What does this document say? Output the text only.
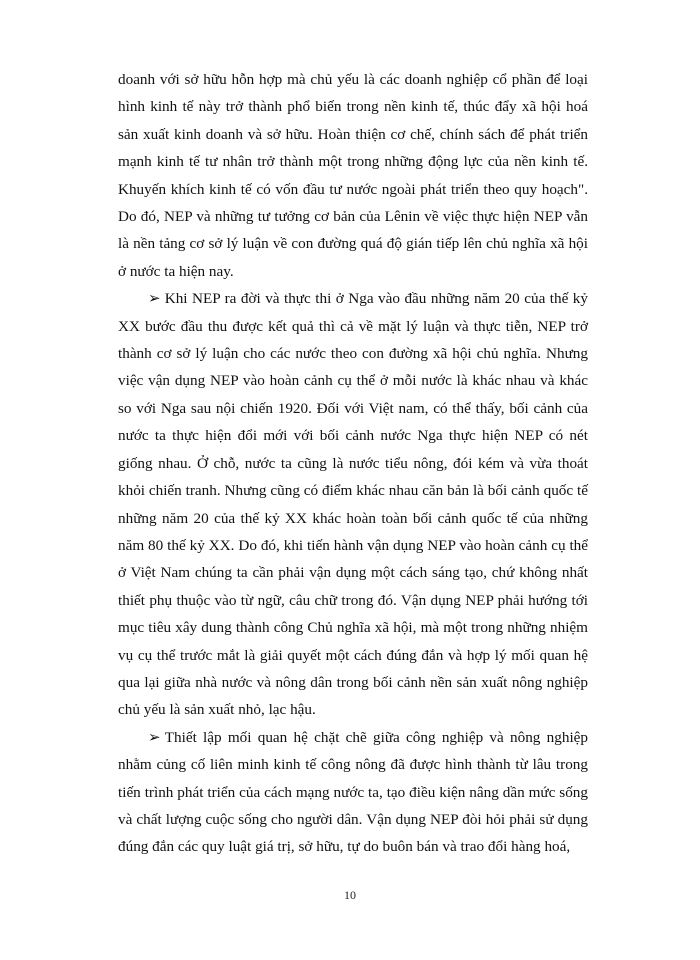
doanh với sở hữu hỗn hợp mà chủ yếu là các doanh nghiệp cổ phần để loại hình kinh tế này trở thành phổ biến trong nền kinh tế, thúc đẩy xã hội hoá sản xuất kinh doanh và sở hữu. Hoàn thiện cơ chế, chính sách để phát triển mạnh kinh tế tư nhân trở thành một trong những động lực của nền kinh tế. Khuyến khích kinh tế có vốn đầu tư nước ngoài phát triển theo quy hoạch". Do đó, NEP và những tư tưởng cơ bản của Lênin về việc thực hiện NEP vẫn là nền tảng cơ sở lý luận về con đường quá độ gián tiếp lên chủ nghĩa xã hội ở nước ta hiện nay.

➢ Khi NEP ra đời và thực thi ở Nga vào đầu những năm 20 của thế kỷ XX bước đầu thu được kết quả thì cả về mặt lý luận và thực tiễn, NEP trở thành cơ sở lý luận cho các nước theo con đường xã hội chủ nghĩa. Nhưng việc vận dụng NEP vào hoàn cảnh cụ thể ở mỗi nước là khác nhau và khác so với Nga sau nội chiến 1920. Đối với Việt nam, có thể thấy, bối cảnh của nước ta thực hiện đổi mới với bối cảnh nước Nga thực hiện NEP có nét giống nhau. Ở chỗ, nước ta cũng là nước tiểu nông, đói kém và vừa thoát khỏi chiến tranh. Nhưng cũng có điểm khác nhau căn bản là bối cảnh quốc tế những năm 20 của thế kỷ XX khác hoàn toàn bối cảnh quốc tế của những năm 80 thế kỷ XX. Do đó, khi tiến hành vận dụng NEP vào hoàn cảnh cụ thể ở Việt Nam chúng ta cần phải vận dụng một cách sáng tạo, chứ không nhất thiết phụ thuộc vào từ ngữ, câu chữ trong đó. Vận dụng NEP phải hướng tới mục tiêu xây dung thành công Chủ nghĩa xã hội, mà một trong những nhiệm vụ cụ thể trước mắt là giải quyết một cách đúng đắn và hợp lý mối quan hệ qua lại giữa nhà nước và nông dân trong bối cảnh nền sản xuất nông nghiệp chủ yếu là sản xuất nhỏ, lạc hậu.

➢ Thiết lập mối quan hệ chặt chẽ giữa công nghiệp và nông nghiệp nhằm củng cố liên minh kinh tế công nông đã được hình thành từ lâu trong tiến trình phát triển của cách mạng nước ta, tạo điều kiện nâng dần mức sống và chất lượng cuộc sống cho người dân. Vận dụng NEP đòi hỏi phải sử dụng đúng đắn các quy luật giá trị, sở hữu, tự do buôn bán và trao đổi hàng hoá,

10
